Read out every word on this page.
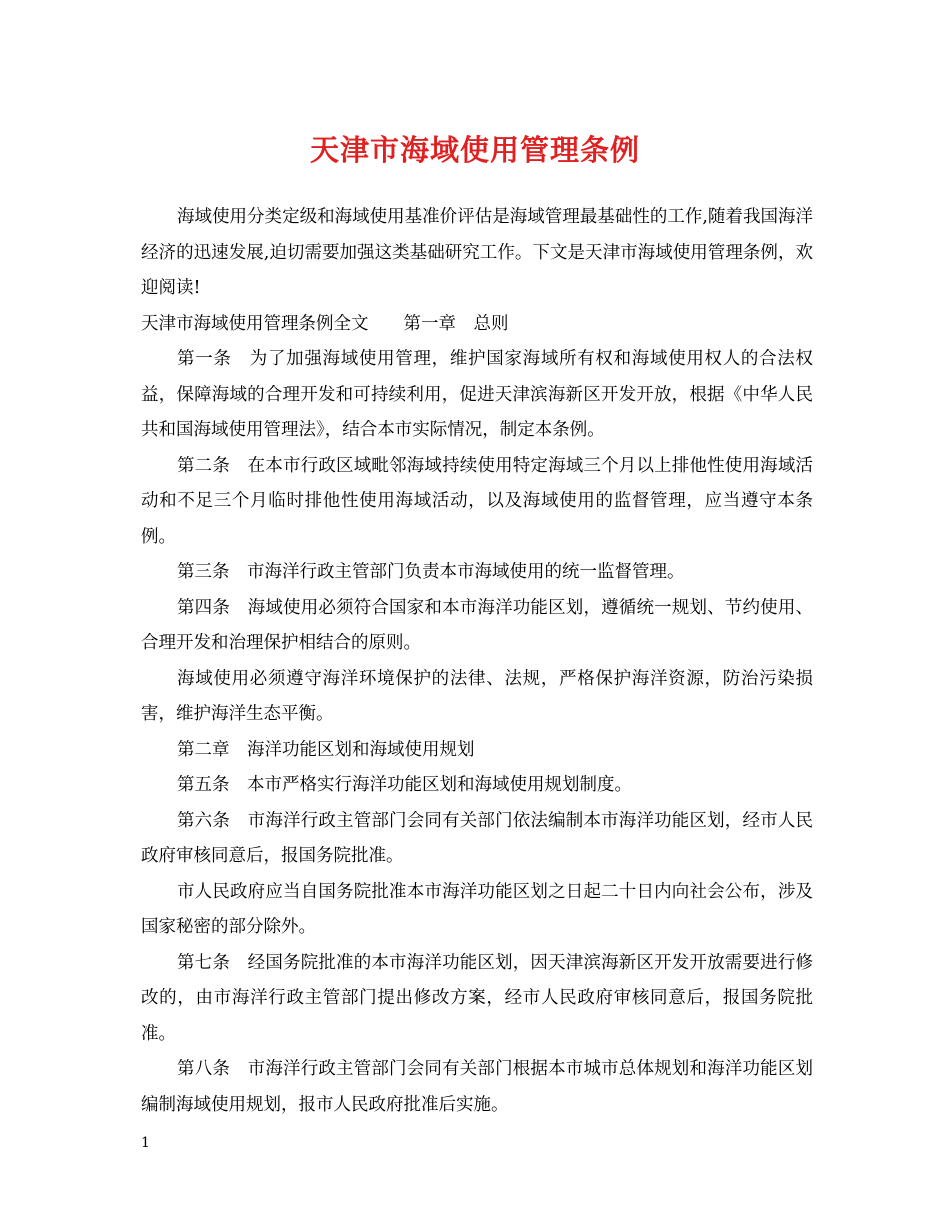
天津市海域使用管理条例

海域使用分类定级和海域使用基准价评估是海域管理最基础性的工作,随着我国海洋经济的迅速发展,迫切需要加强这类基础研究工作。下文是天津市海域使用管理条例，欢迎阅读!

天津市海域使用管理条例全文　　第一章　总则

第一条　为了加强海域使用管理，维护国家海域所有权和海域使用权人的合法权益，保障海域的合理开发和可持续利用，促进天津滨海新区开发开放，根据《中华人民共和国海域使用管理法》，结合本市实际情况，制定本条例。

第二条　在本市行政区域毗邻海域持续使用特定海域三个月以上排他性使用海域活动和不足三个月临时排他性使用海域活动，以及海域使用的监督管理，应当遵守本条例。

第三条　市海洋行政主管部门负责本市海域使用的统一监督管理。

第四条　海域使用必须符合国家和本市海洋功能区划，遵循统一规划、节约使用、合理开发和治理保护相结合的原则。

海域使用必须遵守海洋环境保护的法律、法规，严格保护海洋资源，防治污染损害，维护海洋生态平衡。

第二章　海洋功能区划和海域使用规划

第五条　本市严格实行海洋功能区划和海域使用规划制度。

第六条　市海洋行政主管部门会同有关部门依法编制本市海洋功能区划，经市人民政府审核同意后，报国务院批准。

市人民政府应当自国务院批准本市海洋功能区划之日起二十日内向社会公布，涉及国家秘密的部分除外。

第七条　经国务院批准的本市海洋功能区划，因天津滨海新区开发开放需要进行修改的，由市海洋行政主管部门提出修改方案，经市人民政府审核同意后，报国务院批准。

第八条　市海洋行政主管部门会同有关部门根据本市城市总体规划和海洋功能区划编制海域使用规划，报市人民政府批准后实施。

1
